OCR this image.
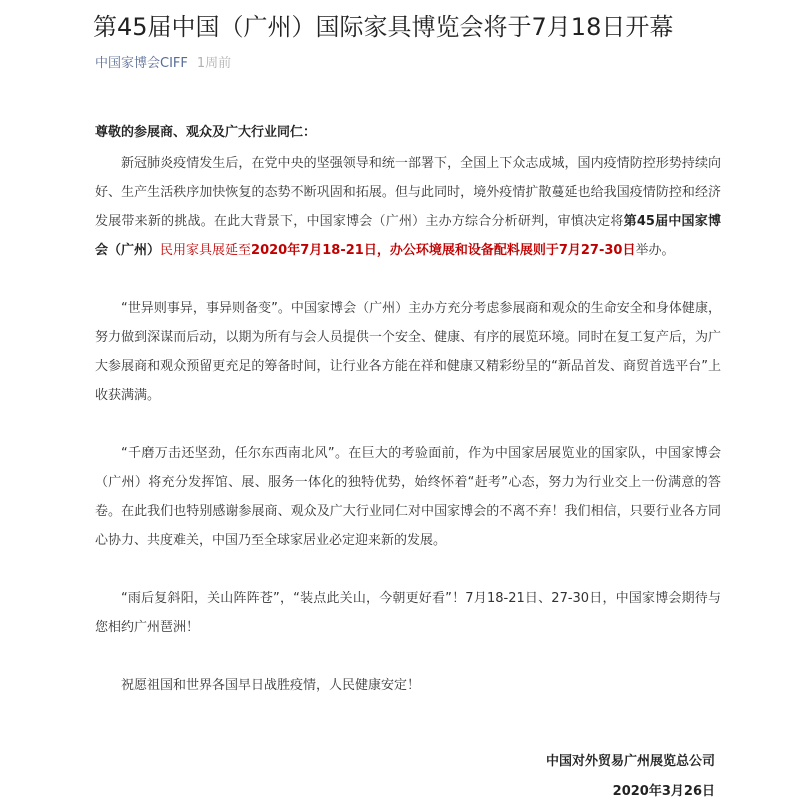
第45届中国（广州）国际家具博览会将于7月18日开幕
中国家博会CIFF 1周前

尊敬的参展商、观众及广大行业同仁：

新冠肺炎疫情发生后，在党中央的坚强领导和统一部署下，全国上下众志成城，国内疫情防控形势持续向好、生产生活秩序加快恢复的态势不断巩固和拓展。但与此同时，境外疫情扩散蔓延也给我国疫情防控和经济发展带来新的挑战。在此大背景下，中国家博会（广州）主办方综合分析研判，审慎决定将第45届中国家博会（广州）民用家具展延至2020年7月18-21日，办公环境展和设备配料展则于7月27-30日举办。

“世异则事异，事异则备变”。中国家博会（广州）主办方充分考虑参展商和观众的生命安全和身体健康，努力做到深谋而后动，以期为所有与会人员提供一个安全、健康、有序的展览环境。同时在复工复产后，为广大参展商和观众预留更充足的筹备时间，让行业各方能在祥和健康又精彩纷呈的“新品首发、商贸首选平台”上收获满满。

“千磨万击还坚劲，任尔东西南北风”。在巨大的考验面前，作为中国家居展览业的国家队，中国家博会（广州）将充分发挥馆、展、服务一体化的独特优势，始终怀着“赶考”心态，努力为行业交上一份满意的答卷。在此我们也特别感谢参展商、观众及广大行业同仁对中国家博会的不离不弃！我们相信，只要行业各方同心协力、共度难关，中国乃至全球家居业必定迎来新的发展。

“雨后复斜阳，关山阵阵苍”，“装点此关山，今朝更好看”！7月18-21日、27-30日，中国家博会期待与您相约广州琶洲！

祝愿祖国和世界各国早日战胜疫情，人民健康安定！

中国对外贸易广州展览总公司
2020年3月26日
